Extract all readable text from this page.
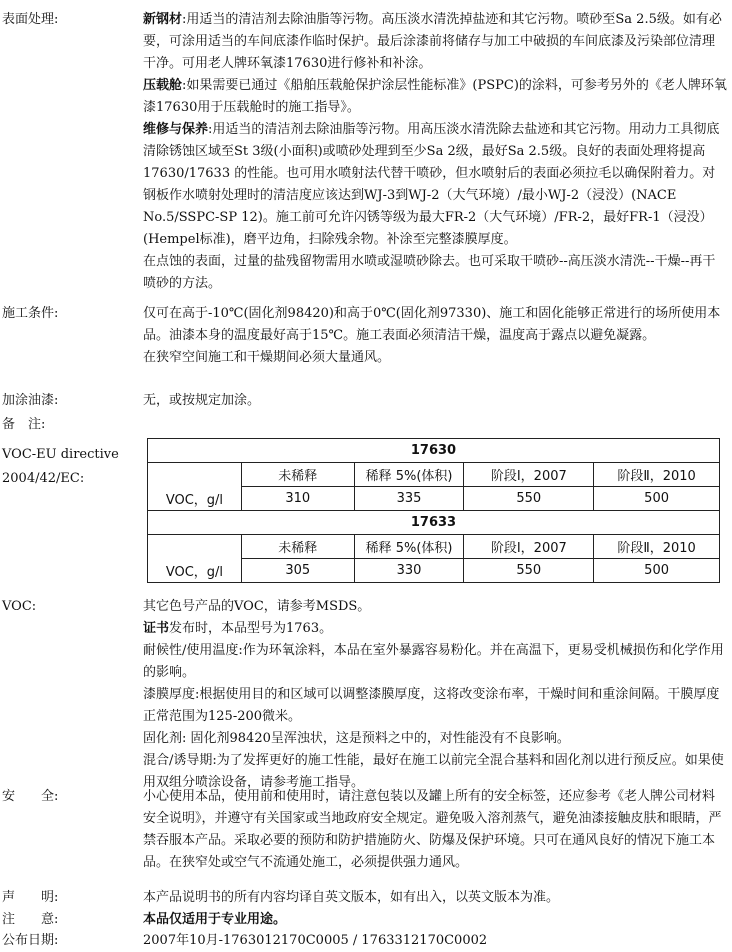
表面处理:	新钢材:用适当的清洁剂去除油脂等污物。高压淡水清洗掉盐迹和其它污物。喷砂至Sa 2.5级。如有必要，可涂用适当的车间底漆作临时保护。最后涂漆前将储存与加工中破损的车间底漆及污染部位清理干净。可用老人牌环氧漆17630进行修补和补涂。

压载舱:如果需要已通过《船舶压载舱保护涂层性能标准》(PSPC)的涂料，可参考另外的《老人牌环氧漆17630用于压载舱时的施工指导》。

维修与保养:用适当的清洁剂去除油脂等污物。用高压淡水清洗除去盐迹和其它污物。用动力工具彻底清除锈蚀区域至St 3级(小面积)或喷砂处理到至少Sa 2级，最好Sa 2.5级。良好的表面处理将提高17630/17633 的性能。也可用水喷射法代替干喷砂，但水喷射后的表面必须拉毛以确保附着力。对钢板作水喷射处理时的清洁度应该达到WJ-3到WJ-2（大气环境）/最小WJ-2（浸没）(NACE No.5/SSPC-SP 12)。施工前可允许闪锈等级为最大FR-2（大气环境）/FR-2，最好FR-1（浸没）(Hempel标准)，磨平边角，扫除残余物。补涂至完整漆膜厚度。

在点蚀的表面，过量的盐残留物需用水喷或湿喷砂除去。也可采取干喷砂--高压淡水清洗--干燥--再干喷砂的方法。

施工条件:	仅可在高于-10℃(固化剂98420)和高于0℃(固化剂97330)、施工和固化能够正常进行的场所使用本品。油漆本身的温度最好高于15℃。施工表面必须清洁干燥，温度高于露点以避免凝露。

在狭窄空间施工和干燥期间必须大量通风。

加涂油漆:	无，或按规定加涂。
备　注:
VOC-EU directive
2004/42/EC:
17630				
	未稀释	稀释 5%(体积)	阶段Ⅰ，2007	阶段Ⅱ，2010
VOC，g/l	310	335	550	500
17633				
	未稀释	稀释 5%(体积)	阶段Ⅰ，2007	阶段Ⅱ，2010
VOC，g/l	305	330	550	500
VOC:	其它色号产品的VOC，请参考MSDS。

证书发布时，本品型号为1763。

耐候性/使用温度:作为环氧涂料，本品在室外暴露容易粉化。并在高温下，更易受机械损伤和化学作用的影响。

漆膜厚度:根据使用目的和区域可以调整漆膜厚度，这将改变涂布率，干燥时间和重涂间隔。干膜厚度正常范围为125-200微米。

固化剂: 固化剂98420呈浑浊状，这是预料之中的，对性能没有不良影响。

混合/诱导期:为了发挥更好的施工性能，最好在施工以前完全混合基料和固化剂以进行预反应。如果使用双组分喷涂设备，请参考施工指导。

安　　全:	小心使用本品，使用前和使用时，请注意包装以及罐上所有的安全标签，还应参考《老人牌公司材料安全说明》，并遵守有关国家或当地政府安全规定。避免吸入溶剂蒸气，避免油漆接触皮肤和眼睛，严禁吞服本产品。采取必要的预防和防护措施防火、防爆及保护环境。只可在通风良好的情况下施工本品。在狭窄处或空气不流通处施工，必须提供强力通风。
声　　明:	本产品说明书的所有内容均译自英文版本，如有出入，以英文版本为准。
注　　意:	本品仅适用于专业用途。
公布日期:	2007年10月-1763012170C0005 / 1763312170C0002
